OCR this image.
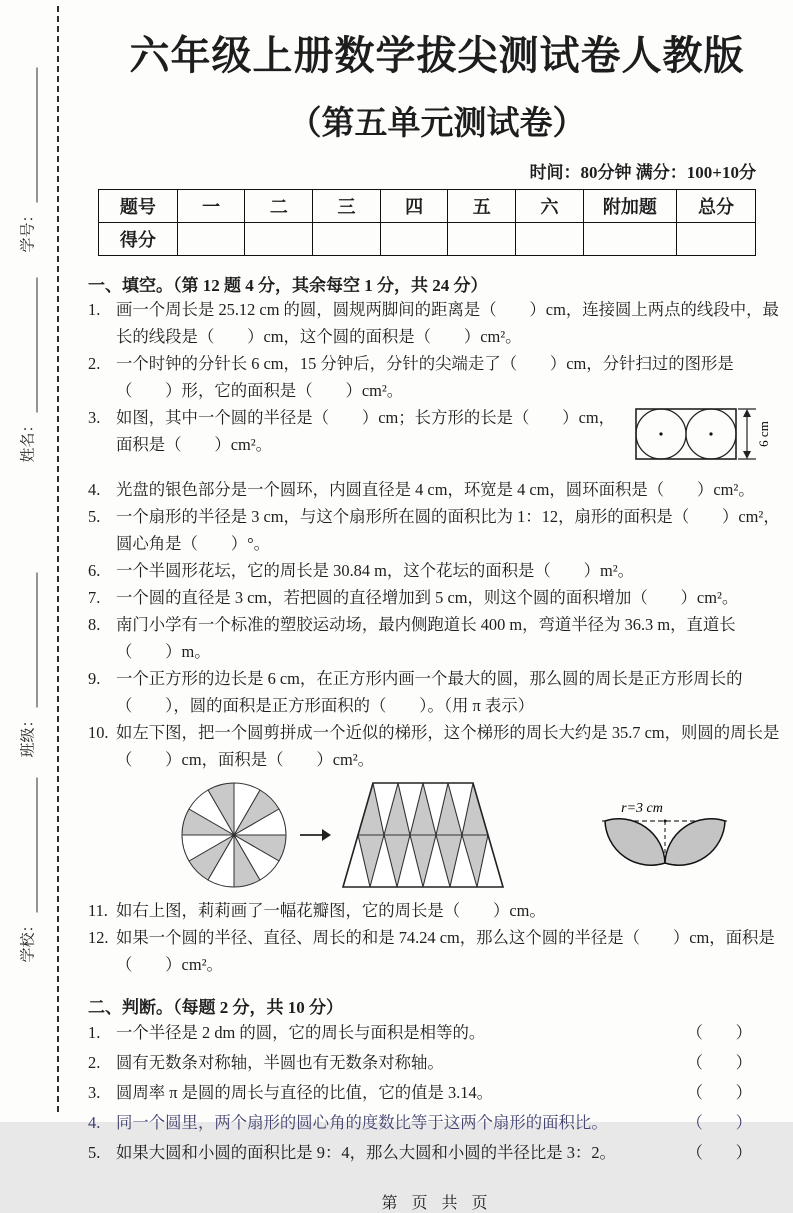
学号：
姓名：
班级：
学校：
六年级上册数学拔尖测试卷人教版
（第五单元测试卷）
时间：80分钟 满分：100+10分
题号	一	二	三	四	五	六	附加题	总分
得分								
一、填空。（第 12 题 4 分，其余每空 1 分，共 24 分）
1. 画一个周长是 25.12 cm 的圆，圆规两脚间的距离是（　　）cm，连接圆上两点的线段中，最长的线段是（　　）cm，这个圆的面积是（　　）cm²。
2. 一个时钟的分针长 6 cm，15 分钟后，分针的尖端走了（　　）cm，分针扫过的图形是（　　）形，它的面积是（　　）cm²。
3.
6 cm
如图，其中一个圆的半径是（　　）cm；长方形的长是（　　）cm，面积是（　　）cm²。
4. 光盘的银色部分是一个圆环，内圆直径是 4 cm，环宽是 4 cm，圆环面积是（　　）cm²。
5. 一个扇形的半径是 3 cm，与这个扇形所在圆的面积比为 1：12，扇形的面积是（　　）cm²，圆心角是（　　）°。
6. 一个半圆形花坛，它的周长是 30.84 m，这个花坛的面积是（　　）m²。
7. 一个圆的直径是 3 cm，若把圆的直径增加到 5 cm，则这个圆的面积增加（　　）cm²。
8. 南门小学有一个标准的塑胶运动场，最内侧跑道长 400 m，弯道半径为 36.3 m，直道长（　　）m。
9. 一个正方形的边长是 6 cm，在正方形内画一个最大的圆，那么圆的周长是正方形周长的（　　），圆的面积是正方形面积的（　　）。（用 π 表示）
10. 如左下图，把一个圆剪拼成一个近似的梯形，这个梯形的周长大约是 35.7 cm，则圆的周长是（　　）cm，面积是（　　）cm²。
r=3 cm
11. 如右上图，莉莉画了一幅花瓣图，它的周长是（　　）cm。
12. 如果一个圆的半径、直径、周长的和是 74.24 cm，那么这个圆的半径是（　　）cm，面积是（　　）cm²。
二、判断。（每题 2 分，共 10 分）
1. 一个半径是 2 dm 的圆，它的周长与面积是相等的。	（　　）
2. 圆有无数条对称轴，半圆也有无数条对称轴。	（　　）
3. 圆周率 π 是圆的周长与直径的比值，它的值是 3.14。	（　　）
4. 同一个圆里，两个扇形的圆心角的度数比等于这两个扇形的面积比。	（　　）
5. 如果大圆和小圆的面积比是 9：4，那么大圆和小圆的半径比是 3：2。	（　　）
第 页 共 页
